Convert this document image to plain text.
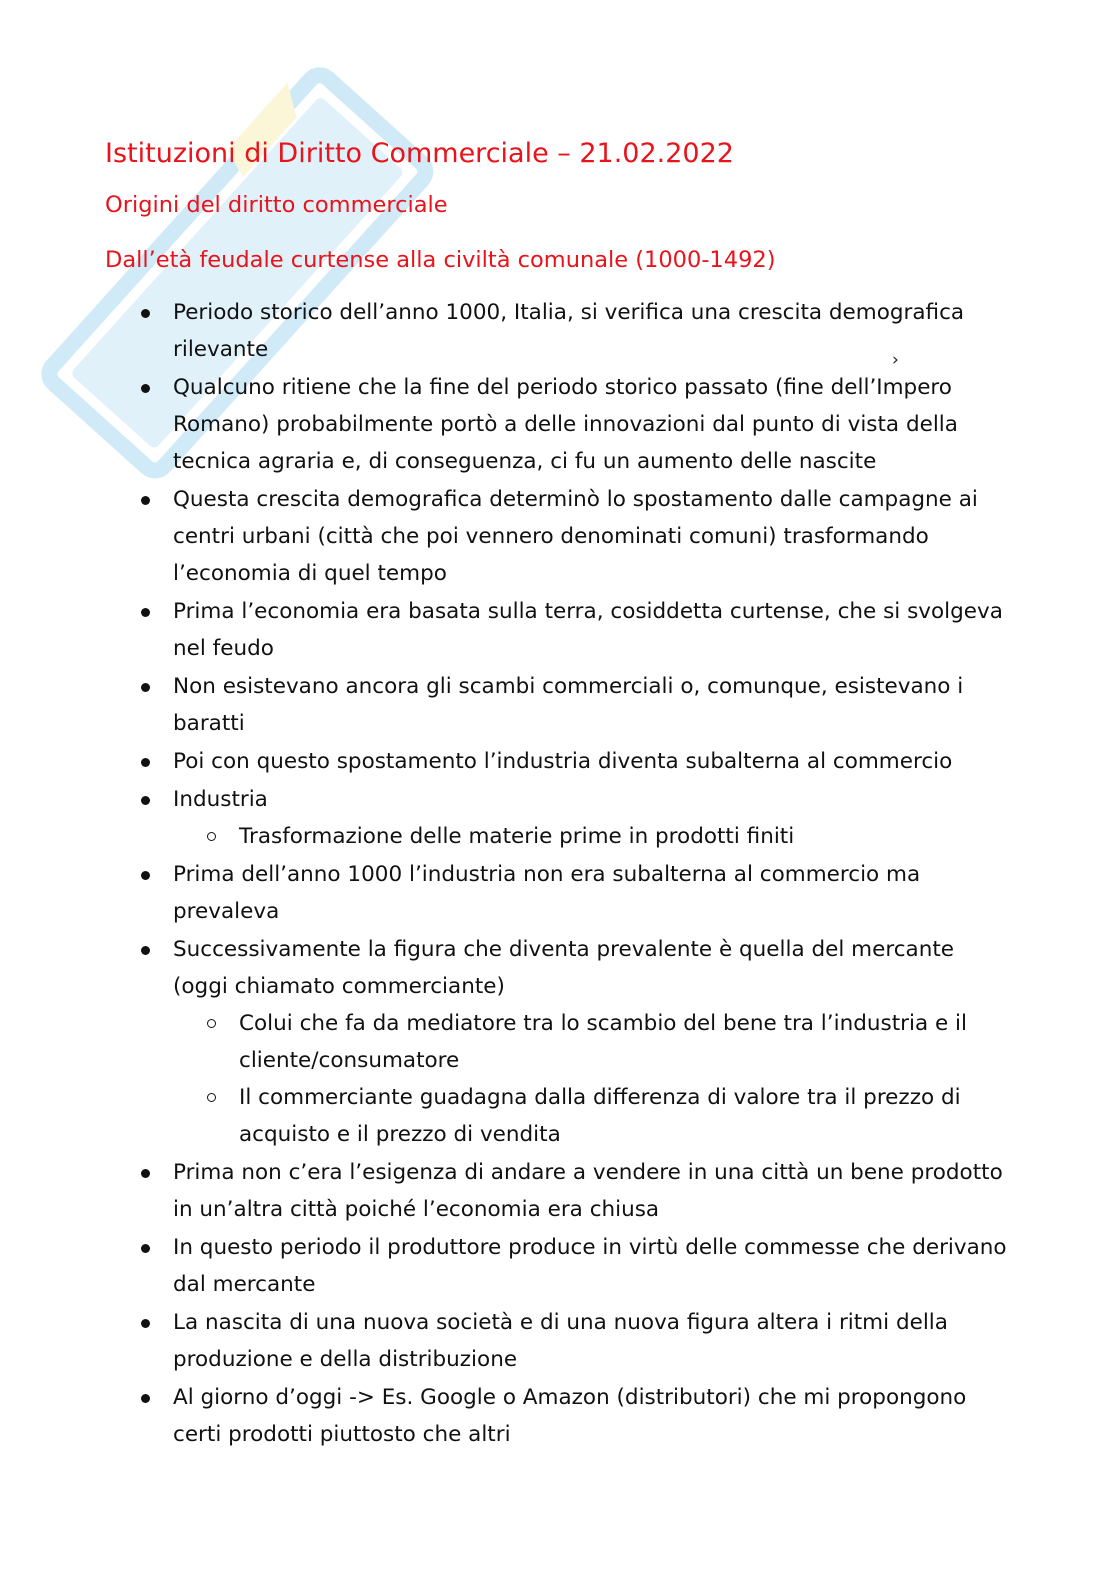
›
Istituzioni di Diritto Commerciale – 21.02.2022
Origini del diritto commerciale
Dall’età feudale curtense alla civiltà comunale (1000-1492)
Periodo storico dell’anno 1000, Italia, si verifica una crescita demografica rilevante
Qualcuno ritiene che la fine del periodo storico passato (fine dell’Impero Romano) probabilmente portò a delle innovazioni dal punto di vista della tecnica agraria e, di conseguenza, ci fu un aumento delle nascite
Questa crescita demografica determinò lo spostamento dalle campagne ai centri urbani (città che poi vennero denominati comuni) trasformando l’economia di quel tempo
Prima l’economia era basata sulla terra, cosiddetta curtense, che si svolgeva nel feudo
Non esistevano ancora gli scambi commerciali o, comunque, esistevano i baratti
Poi con questo spostamento l’industria diventa subalterna al commercio
Industria
Trasformazione delle materie prime in prodotti finiti
Prima dell’anno 1000 l’industria non era subalterna al commercio ma prevaleva
Successivamente la figura che diventa prevalente è quella del mercante (oggi chiamato commerciante)
Colui che fa da mediatore tra lo scambio del bene tra l’industria e il cliente/consumatore
Il commerciante guadagna dalla differenza di valore tra il prezzo di acquisto e il prezzo di vendita
Prima non c’era l’esigenza di andare a vendere in una città un bene prodotto in un’altra città poiché l’economia era chiusa
In questo periodo il produttore produce in virtù delle commesse che derivano dal mercante
La nascita di una nuova società e di una nuova figura altera i ritmi della produzione e della distribuzione
Al giorno d’oggi -> Es. Google o Amazon (distributori) che mi propongono certi prodotti piuttosto che altri
